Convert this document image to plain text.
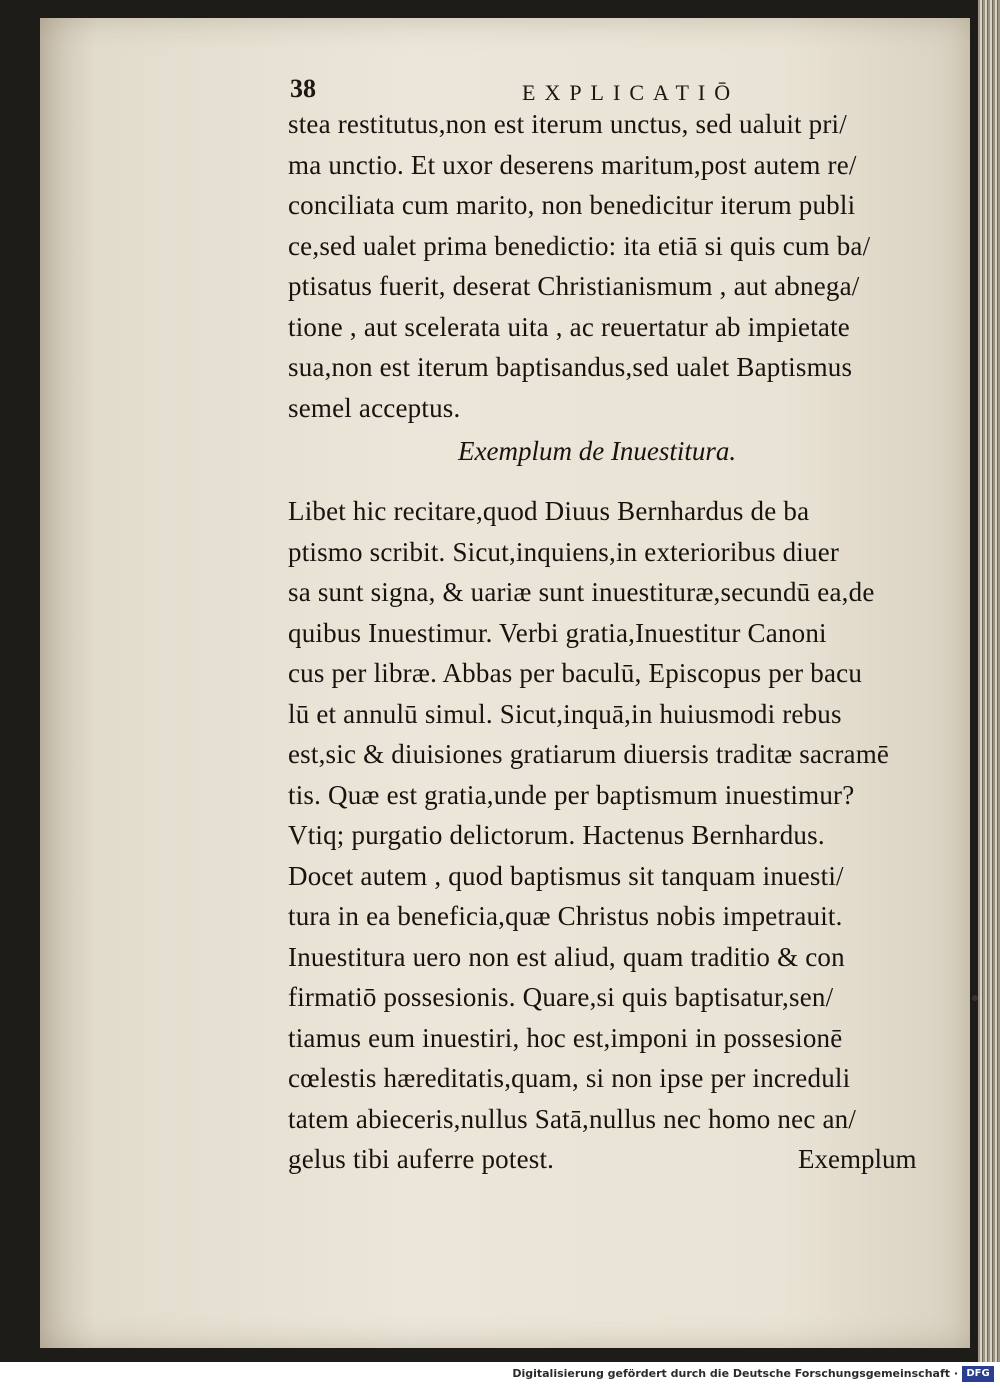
38	EXPLICATIŌ
stea restitutus,non est iterum unctus, sed ualuit pri/
ma unctio. Et uxor deserens maritum,post autem re/
conciliata cum marito, non benedicitur iterum publi
ce,sed ualet prima benedictio: ita etiā si quis cum ba/
ptisatus fuerit, deserat Christianismum , aut abnega/
tione , aut scelerata uita , ac reuertatur ab impietate
sua,non est iterum baptisandus,sed ualet Baptismus
semel acceptus.
Exemplum de Inuestitura.
Libet hic recitare,quod Diuus Bernhardus de ba
ptismo scribit. Sicut,inquiens,in exterioribus diuer
sa sunt signa, & uariæ sunt inuestituræ,secundū ea,de
quibus Inuestimur. Verbi gratia,Inuestitur Canoni
cus per libræ. Abbas per baculū, Episcopus per bacu
lū et annulū simul. Sicut,inquā,in huiusmodi rebus
est,sic & diuisiones gratiarum diuersis traditæ sacramē
tis. Quæ est gratia,unde per baptismum inuestimur?
Vtiq; purgatio delictorum. Hactenus Bernhardus.
Docet autem , quod baptismus sit tanquam inuesti/
tura in ea beneficia,quæ Christus nobis impetrauit.
Inuestitura uero non est aliud, quam traditio & con
firmatiō possesionis. Quare,si quis baptisatur,sen/
tiamus eum inuestiri, hoc est,imponi in possesionē
cœlestis hæreditatis,quam, si non ipse per increduli
tatem abieceris,nullus Satā,nullus nec homo nec an/
gelus tibi auferre potest.	Exemplum
Digitalisierung gefördert durch die Deutsche Forschungsgemeinschaft · DFG
